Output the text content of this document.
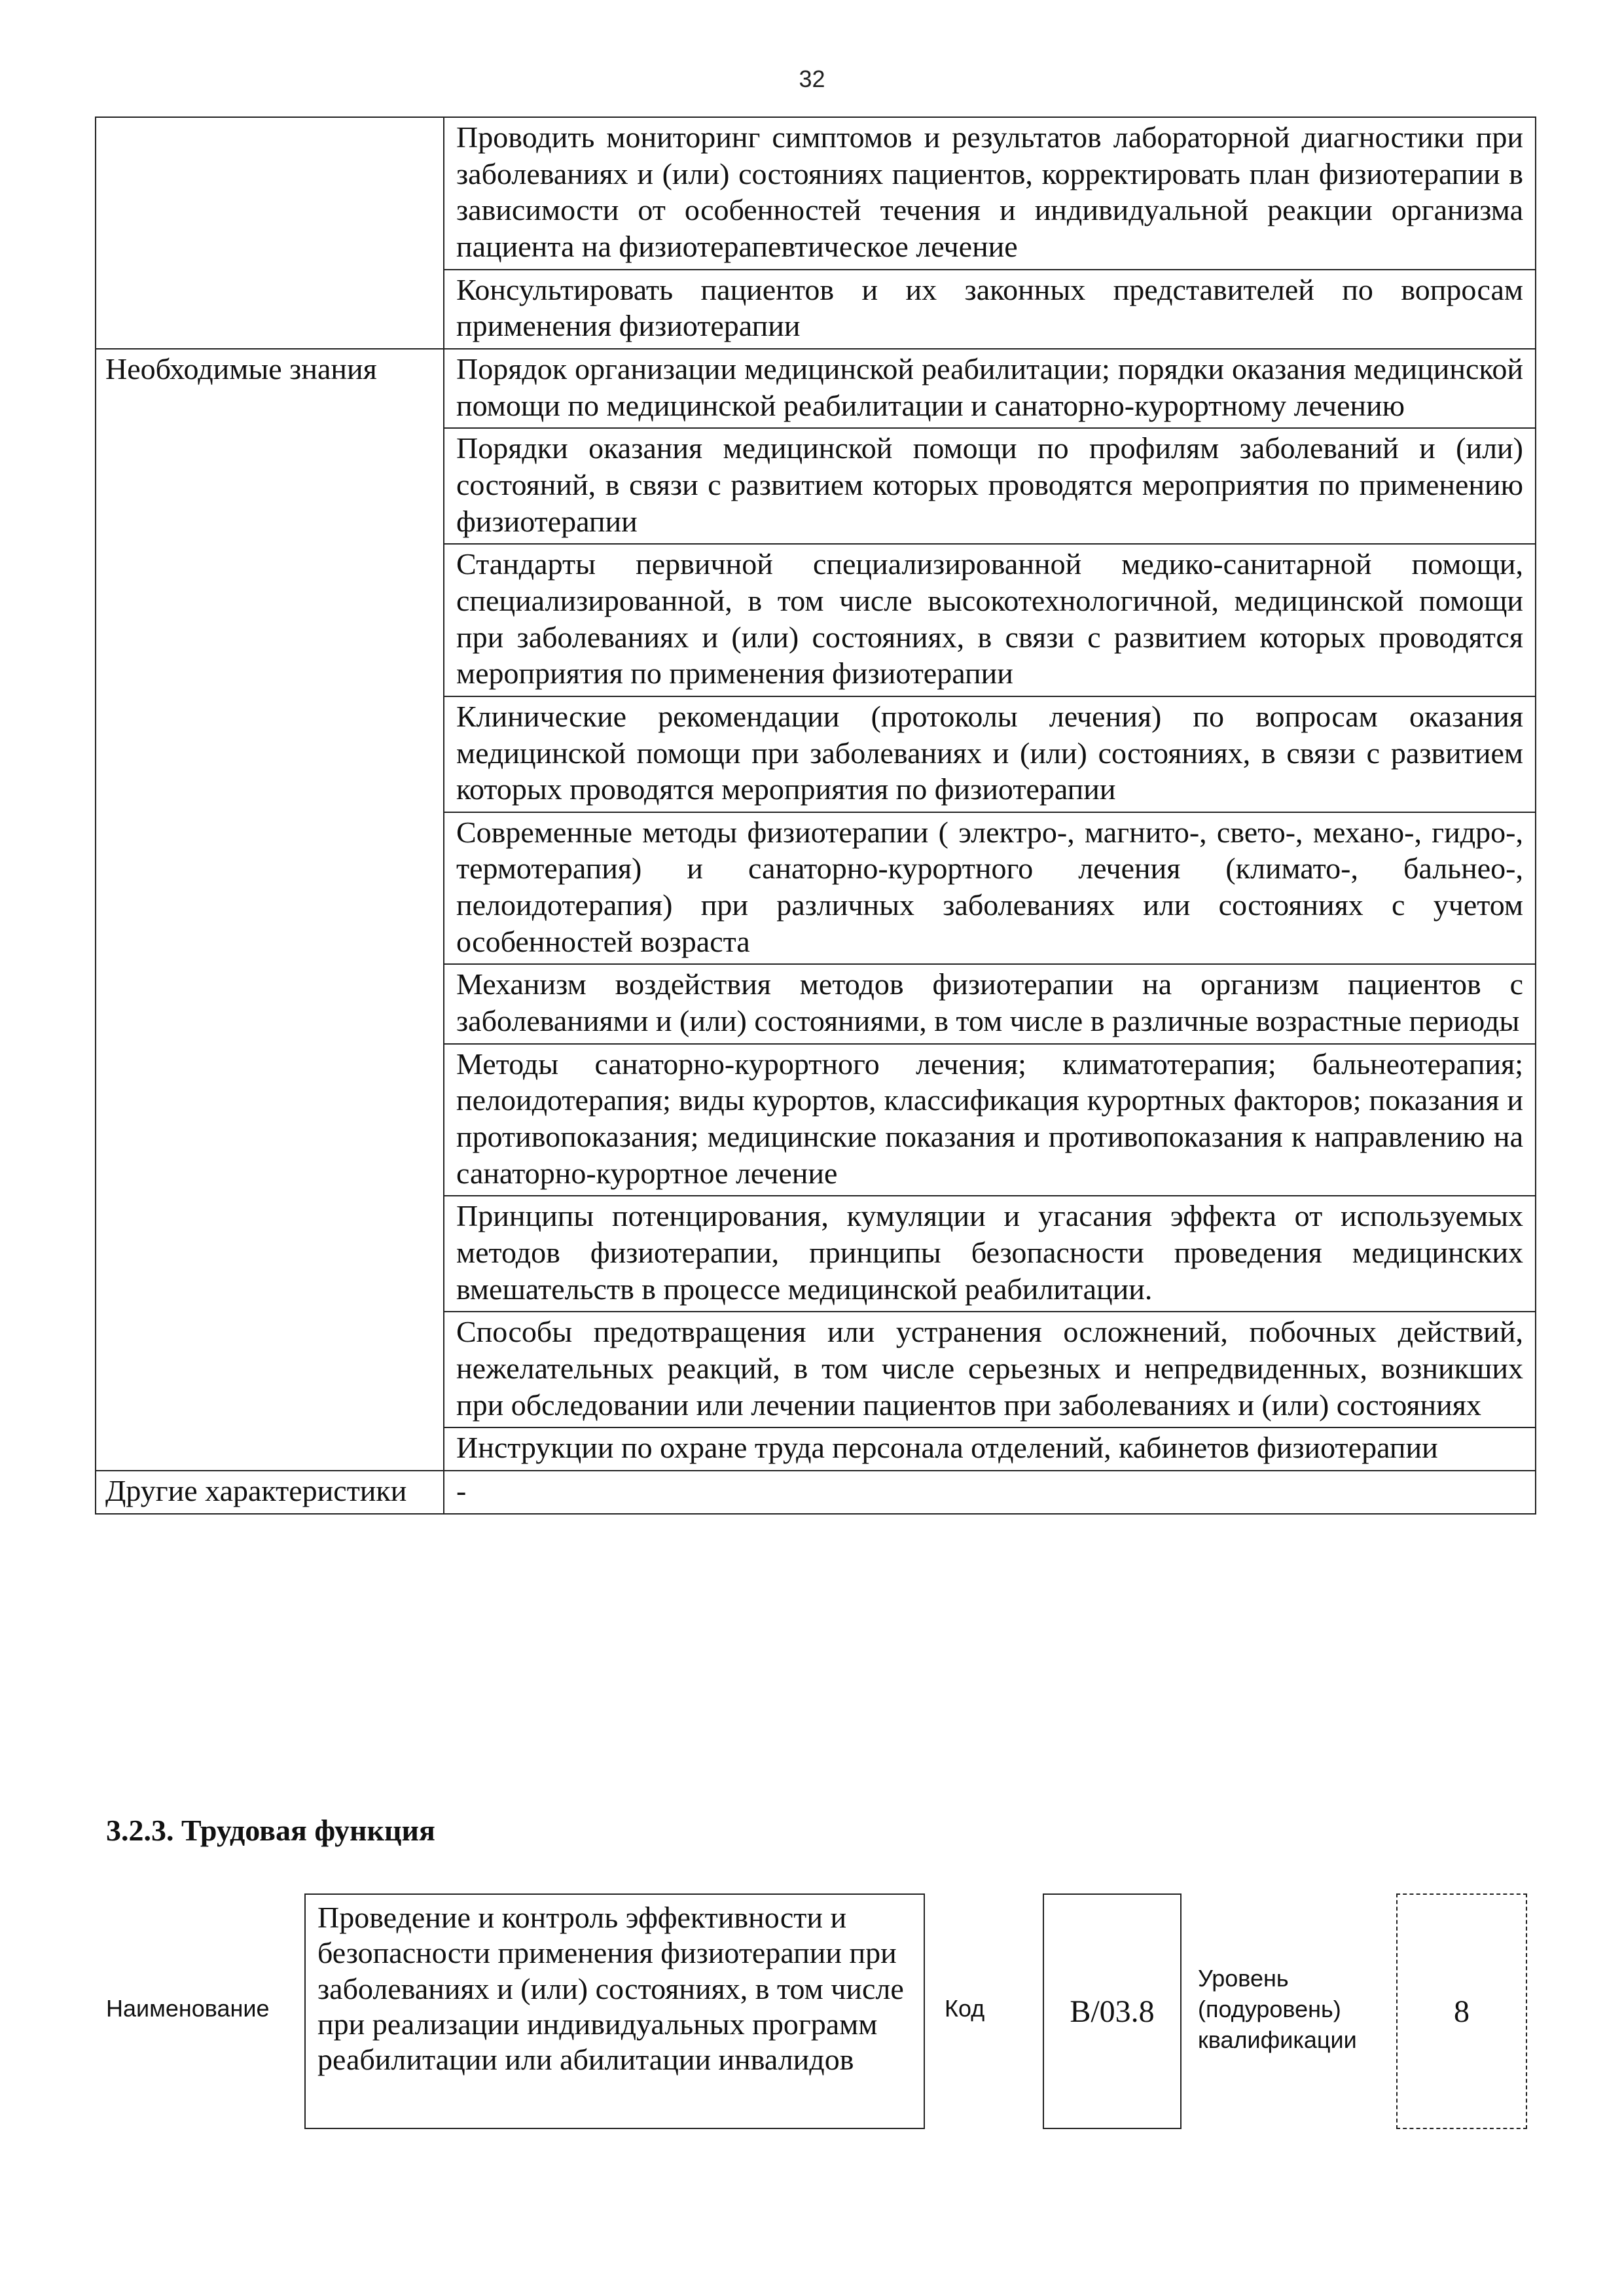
32
	Проводить мониторинг симптомов и результатов лабораторной диагностики при заболеваниях и (или) состояниях пациентов, корректировать план физиотерапии в зависимости от особенностей течения и индивидуальной реакции организма пациента на физиотерапевтическое лечение
	Консультировать пациентов и их законных представителей по вопросам применения физиотерапии
Необходимые знания	Порядок организации медицинской реабилитации; порядки оказания медицинской помощи по медицинской реабилитации и санаторно-курортному лечению
	Порядки оказания медицинской помощи по профилям заболеваний и (или) состояний, в связи с развитием которых проводятся мероприятия по применению физиотерапии
	Стандарты первичной специализированной медико-санитарной помощи, специализированной, в том числе высокотехнологичной, медицинской помощи при заболеваниях и (или) состояниях, в связи с развитием которых проводятся мероприятия по применения физиотерапии
	Клинические рекомендации (протоколы лечения) по вопросам оказания медицинской помощи при заболеваниях и (или) состояниях, в связи с развитием которых проводятся мероприятия по физиотерапии
	Современные методы физиотерапии ( электро-, магнито-, свето-, механо-, гидро-, термотерапия) и санаторно-курортного лечения (климато-, бальнео-, пелоидотерапия) при различных заболеваниях или состояниях с учетом особенностей возраста
	Механизм воздействия методов физиотерапии на организм пациентов с заболеваниями и (или) состояниями, в том числе в различные возрастные периоды
	Методы санаторно-курортного лечения; климатотерапия; бальнеотерапия; пелоидотерапия; виды курортов, классификация курортных факторов; показания и противопоказания; медицинские показания и противопоказания к направлению на санаторно-курортное лечение
	Принципы потенцирования, кумуляции и угасания эффекта от используемых методов физиотерапии, принципы безопасности проведения медицинских вмешательств в процессе медицинской реабилитации.
	Способы предотвращения или устранения осложнений, побочных действий, нежелательных реакций, в том числе серьезных и непредвиденных, возникших при обследовании или лечении пациентов при заболеваниях и (или) состояниях
	Инструкции по охране труда персонала отделений, кабинетов физиотерапии
Другие характеристики	-
3.2.3. Трудовая функция
Наименование
Проведение и контроль эффективности и безопасности применения физиотерапии при заболеваниях и (или) состояниях, в том числе при реализации индивидуальных программ реабилитации или абилитации инвалидов
Код	B/03.8
Уровень (подуровень) квалификации
8
